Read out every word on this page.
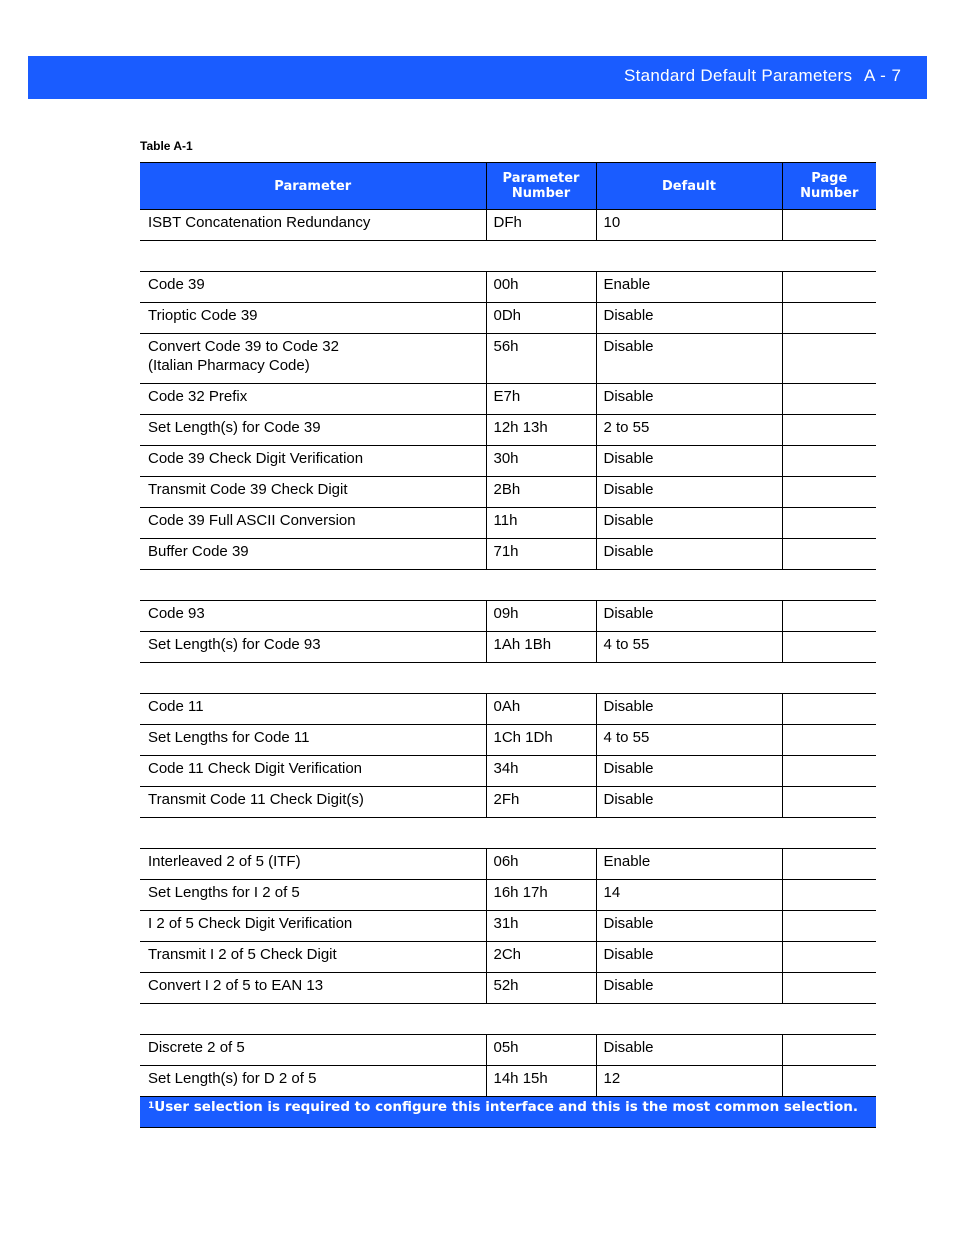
Standard Default Parameters A - 7
Table A-1
Parameter	Parameter Number	Default	Page Number
ISBT Concatenation Redundancy	DFh	10	

Code 39	00h	Enable	
Trioptic Code 39	0Dh	Disable	
Convert Code 39 to Code 32
(Italian Pharmacy Code)	56h	Disable	
Code 32 Prefix	E7h	Disable	
Set Length(s) for Code 39	12h 13h	2 to 55	
Code 39 Check Digit Verification	30h	Disable	
Transmit Code 39 Check Digit	2Bh	Disable	
Code 39 Full ASCII Conversion	11h	Disable	
Buffer Code 39	71h	Disable	

Code 93	09h	Disable	
Set Length(s) for Code 93	1Ah 1Bh	4 to 55	

Code 11	0Ah	Disable	
Set Lengths for Code 11	1Ch 1Dh	4 to 55	
Code 11 Check Digit Verification	34h	Disable	
Transmit Code 11 Check Digit(s)	2Fh	Disable	

Interleaved 2 of 5 (ITF)	06h	Enable	
Set Lengths for I 2 of 5	16h 17h	14	
I 2 of 5 Check Digit Verification	31h	Disable	
Transmit I 2 of 5 Check Digit	2Ch	Disable	
Convert I 2 of 5 to EAN 13	52h	Disable	

Discrete 2 of 5	05h	Disable	
Set Length(s) for D 2 of 5	14h 15h	12	
$^1$User selection is required to configure this interface and this is the most common selection.			
